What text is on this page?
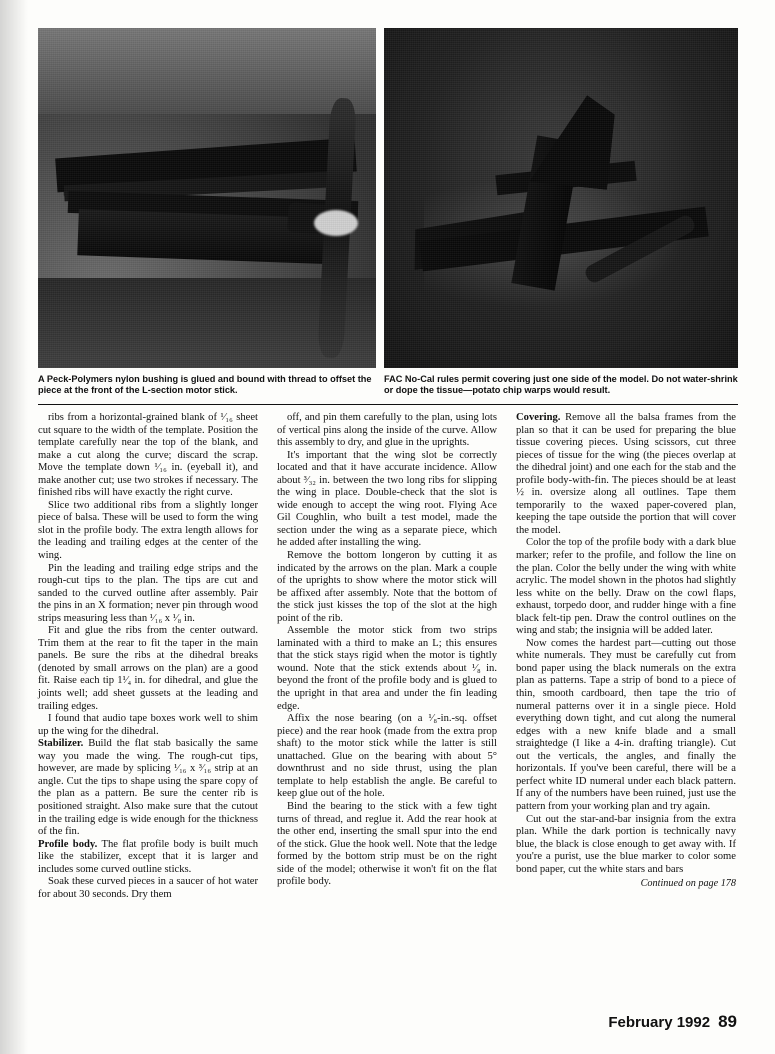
A Peck-Polymers nylon bushing is glued and bound with thread to offset the piece at the front of the L-section motor stick.
FAC No-Cal rules permit covering just one side of the model. Do not water-shrink or dope the tissue—potato chip warps would result.

ribs from a horizontal-grained blank of ¹⁄₁₆ sheet cut square to the width of the template. Position the template carefully near the top of the blank, and make a cut along the curve; discard the scrap. Move the template down ¹⁄₁₆ in. (eyeball it), and make another cut; use two strokes if necessary. The finished ribs will have exactly the right curve.

Slice two additional ribs from a slightly longer piece of balsa. These will be used to form the wing slot in the profile body. The extra length allows for the leading and trailing edges at the center of the wing.

Pin the leading and trailing edge strips and the rough-cut tips to the plan. The tips are cut and sanded to the curved outline after assembly. Pair the pins in an X formation; never pin through wood strips measuring less than ¹⁄₁₆ x ¹⁄₈ in.

Fit and glue the ribs from the center outward. Trim them at the rear to fit the taper in the main panels. Be sure the ribs at the dihedral breaks (denoted by small arrows on the plan) are a good fit. Raise each tip 1¹⁄₄ in. for dihedral, and glue the joints well; add sheet gussets at the leading and trailing edges.

I found that audio tape boxes work well to shim up the wing for the dihedral.

Stabilizer. Build the flat stab basically the same way you made the wing. The rough-cut tips, however, are made by splicing ¹⁄₁₆ x ³⁄₁₆ strip at an angle. Cut the tips to shape using the spare copy of the plan as a pattern. Be sure the center rib is positioned straight. Also make sure that the cutout in the trailing edge is wide enough for the thickness of the fin.

Profile body. The flat profile body is built much like the stabilizer, except that it is larger and includes some curved outline sticks.

Soak these curved pieces in a saucer of hot water for about 30 seconds. Dry them

off, and pin them carefully to the plan, using lots of vertical pins along the inside of the curve. Allow this assembly to dry, and glue in the uprights.

It's important that the wing slot be correctly located and that it have accurate incidence. Allow about ³⁄₃₂ in. between the two long ribs for slipping the wing in place. Double-check that the slot is wide enough to accept the wing root. Flying Ace Gil Coughlin, who built a test model, made the section under the wing as a separate piece, which he added after installing the wing.

Remove the bottom longeron by cutting it as indicated by the arrows on the plan. Mark a couple of the uprights to show where the motor stick will be affixed after assembly. Note that the bottom of the stick just kisses the top of the slot at the high point of the rib.

Assemble the motor stick from two strips laminated with a third to make an L; this ensures that the stick stays rigid when the motor is tightly wound. Note that the stick extends about ¹⁄₈ in. beyond the front of the profile body and is glued to the upright in that area and under the fin leading edge.

Affix the nose bearing (on a ¹⁄₈-in.-sq. offset piece) and the rear hook (made from the extra prop shaft) to the motor stick while the latter is still unattached. Glue on the bearing with about 5° downthrust and no side thrust, using the plan template to help establish the angle. Be careful to keep glue out of the hole.

Bind the bearing to the stick with a few tight turns of thread, and reglue it. Add the rear hook at the other end, inserting the small spur into the end of the stick. Glue the hook well. Note that the ledge formed by the bottom strip must be on the right side of the model; otherwise it won't fit on the flat profile body.

Covering. Remove all the balsa frames from the plan so that it can be used for preparing the blue tissue covering pieces. Using scissors, cut three pieces of tissue for the wing (the pieces overlap at the dihedral joint) and one each for the stab and the profile body-with-fin. The pieces should be at least ½ in. oversize along all outlines. Tape them temporarily to the waxed paper-covered plan, keeping the tape outside the portion that will cover the model.

Color the top of the profile body with a dark blue marker; refer to the profile, and follow the line on the plan. Color the belly under the wing with white acrylic. The model shown in the photos had slightly less white on the belly. Draw on the cowl flaps, exhaust, torpedo door, and rudder hinge with a fine black felt-tip pen. Draw the control outlines on the wing and stab; the insignia will be added later.

Now comes the hardest part—cutting out those white numerals. They must be carefully cut from bond paper using the black numerals on the extra plan as patterns. Tape a strip of bond to a piece of thin, smooth cardboard, then tape the trio of numeral patterns over it in a single piece. Hold everything down tight, and cut along the numeral edges with a new knife blade and a small straightedge (I like a 4-in. drafting triangle). Cut out the verticals, the angles, and finally the horizontals. If you've been careful, there will be a perfect white ID numeral under each black pattern. If any of the numbers have been ruined, just use the pattern from your working plan and try again.

Cut out the star-and-bar insignia from the extra plan. While the dark portion is technically navy blue, the black is close enough to get away with. If you're a purist, use the blue marker to color some bond paper, cut the white stars and bars

Continued on page 178
February 1992 89
